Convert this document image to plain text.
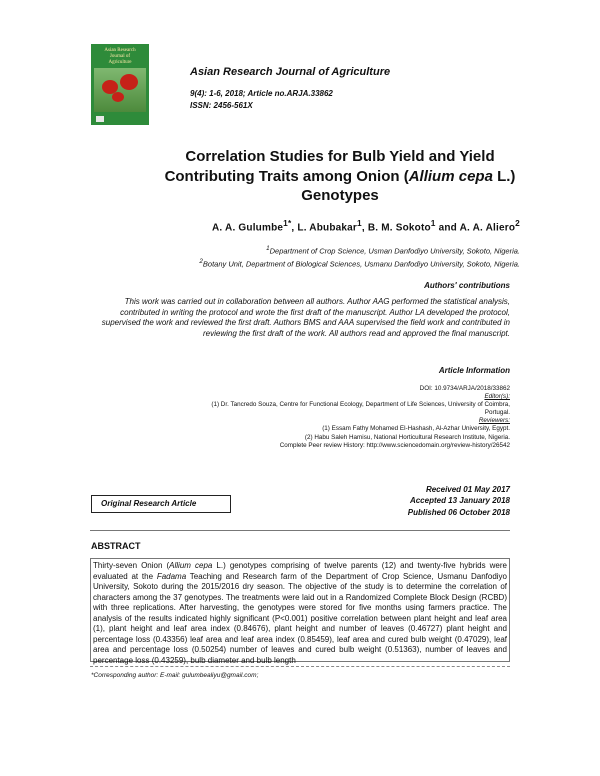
Asian Research
Journal of
Agriculture
Asian Research Journal of Agriculture
9(4): 1-6, 2018; Article no.ARJA.33862
ISSN: 2456-561X
Correlation Studies for Bulb Yield and Yield
Contributing Traits among Onion (Allium cepa L.)
Genotypes
A. A. Gulumbe$^{1*}$, L. Abubakar$^1$, B. M. Sokoto$^1$ and A. A. Aliero$^2$
$^1$Department of Crop Science, Usman Danfodiyo University, Sokoto, Nigeria.
$^2$Botany Unit, Department of Biological Sciences, Usmanu Danfodiyo University, Sokoto, Nigeria.
Authors' contributions
This work was carried out in collaboration between all authors. Author AAG performed the statistical analysis, contributed in writing the protocol and wrote the first draft of the manuscript. Author LA developed the protocol, supervised the work and reviewed the first draft. Authors BMS and AAA supervised the field work and contributed in reviewing the first draft of the work. All authors read and approved the final manuscript.
Article Information
DOI: 10.9734/ARJA/2018/33862
Editor(s):
(1) Dr. Tancredo Souza, Centre for Functional Ecology, Department of Life Sciences, University of Coimbra,
Portugal.
Reviewers:
(1) Essam Fathy Mohamed El-Hashash, Al-Azhar University, Egypt.
(2) Habu Saleh Hamisu, National Horticultural Research Institute, Nigeria.
Complete Peer review History: http://www.sciencedomain.org/review-history/26542
Original Research Article
Received 01 May 2017
Accepted 13 January 2018
Published 06 October 2018
ABSTRACT
Thirty-seven Onion (Allium cepa L.) genotypes comprising of twelve parents (12) and twenty-five hybrids were evaluated at the Fadama Teaching and Research farm of the Department of Crop Science, Usmanu Danfodiyo University, Sokoto during the 2015/2016 dry season. The objective of the study is to determine the correlation of characters among the 37 genotypes. The treatments were laid out in a Randomized Complete Block Design (RCBD) with three replications. After harvesting, the genotypes were stored for five months using farmers practice. The analysis of the results indicated highly significant (P<0.001) positive correlation between plant height and leaf area (1), plant height and leaf area index (0.84676), plant height and number of leaves (0.46727) plant height and percentage loss (0.43356) leaf area and leaf area index (0.85459), leaf area and cured bulb weight (0.47029), leaf area and percentage loss (0.50254) number of leaves and cured bulb weight (0.51363), number of leaves and percentage loss (0.43259), bulb diameter and bulb length
*Corresponding author: E-mail: gulumbealiyu@gmail.com;
